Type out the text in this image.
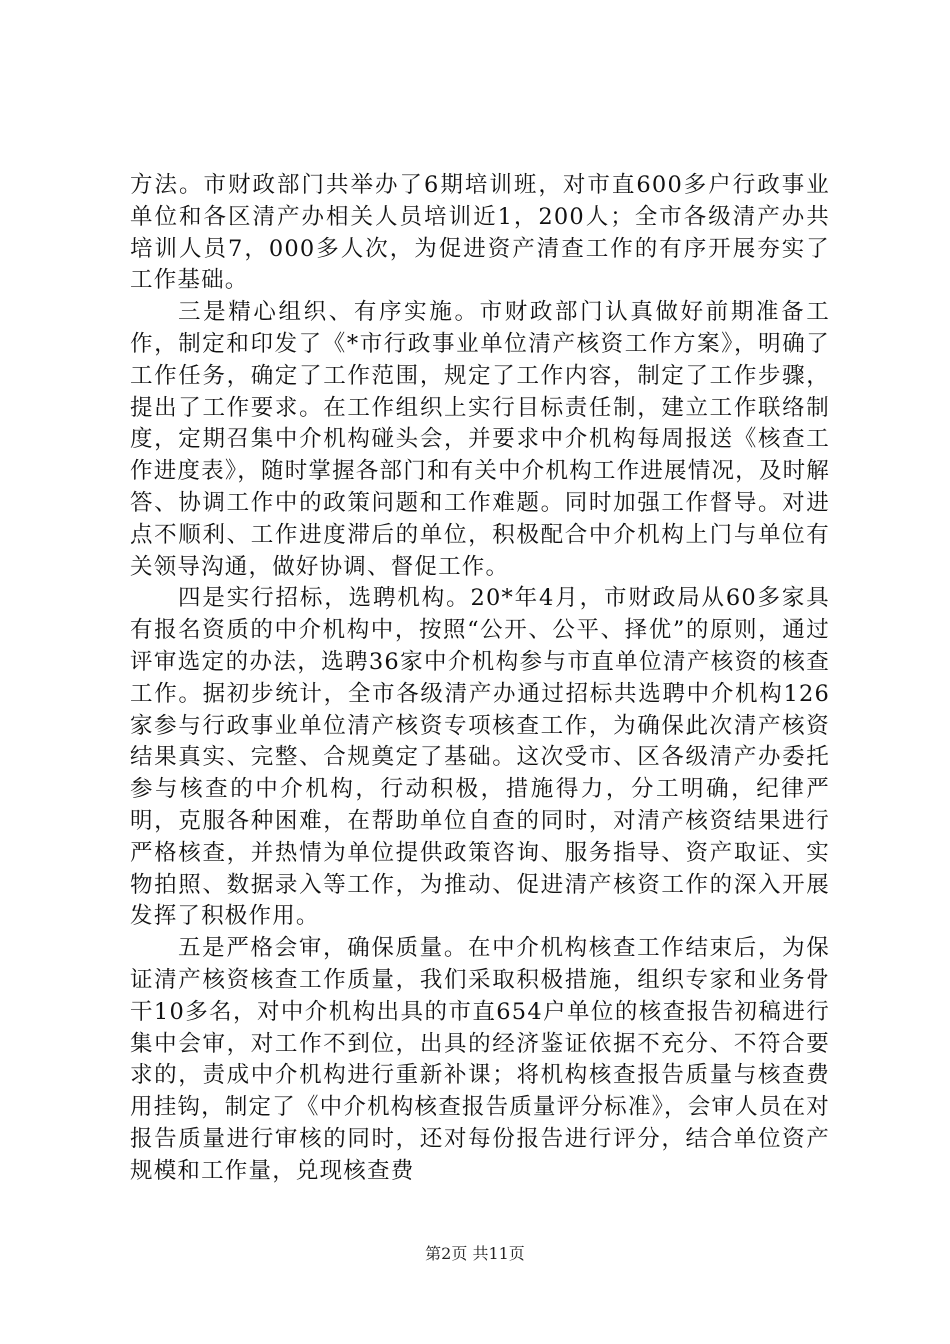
方法。市财政部门共举办了6期培训班，对市直600多户行政事业单位和各区清产办相关人员培训近1，200人；全市各级清产办共培训人员7，000多人次，为促进资产清查工作的有序开展夯实了工作基础。

三是精心组织、有序实施。市财政部门认真做好前期准备工作，制定和印发了《*市行政事业单位清产核资工作方案》，明确了工作任务，确定了工作范围，规定了工作内容，制定了工作步骤，提出了工作要求。在工作组织上实行目标责任制，建立工作联络制度，定期召集中介机构碰头会，并要求中介机构每周报送《核查工作进度表》，随时掌握各部门和有关中介机构工作进展情况，及时解答、协调工作中的政策问题和工作难题。同时加强工作督导。对进点不顺利、工作进度滞后的单位，积极配合中介机构上门与单位有关领导沟通，做好协调、督促工作。

四是实行招标，选聘机构。20*年4月，市财政局从60多家具有报名资质的中介机构中，按照“公开、公平、择优”的原则，通过评审选定的办法，选聘36家中介机构参与市直单位清产核资的核查工作。据初步统计，全市各级清产办通过招标共选聘中介机构126家参与行政事业单位清产核资专项核查工作，为确保此次清产核资结果真实、完整、合规奠定了基础。这次受市、区各级清产办委托参与核查的中介机构，行动积极，措施得力，分工明确，纪律严明，克服各种困难，在帮助单位自查的同时，对清产核资结果进行严格核查，并热情为单位提供政策咨询、服务指导、资产取证、实物拍照、数据录入等工作，为推动、促进清产核资工作的深入开展发挥了积极作用。

五是严格会审，确保质量。在中介机构核查工作结束后，为保证清产核资核查工作质量，我们采取积极措施，组织专家和业务骨干10多名，对中介机构出具的市直654户单位的核查报告初稿进行集中会审，对工作不到位，出具的经济鉴证依据不充分、不符合要求的，责成中介机构进行重新补课；将机构核查报告质量与核查费用挂钩，制定了《中介机构核查报告质量评分标准》，会审人员在对报告质量进行审核的同时，还对每份报告进行评分，结合单位资产规模和工作量，兑现核查费

第2页 共11页
